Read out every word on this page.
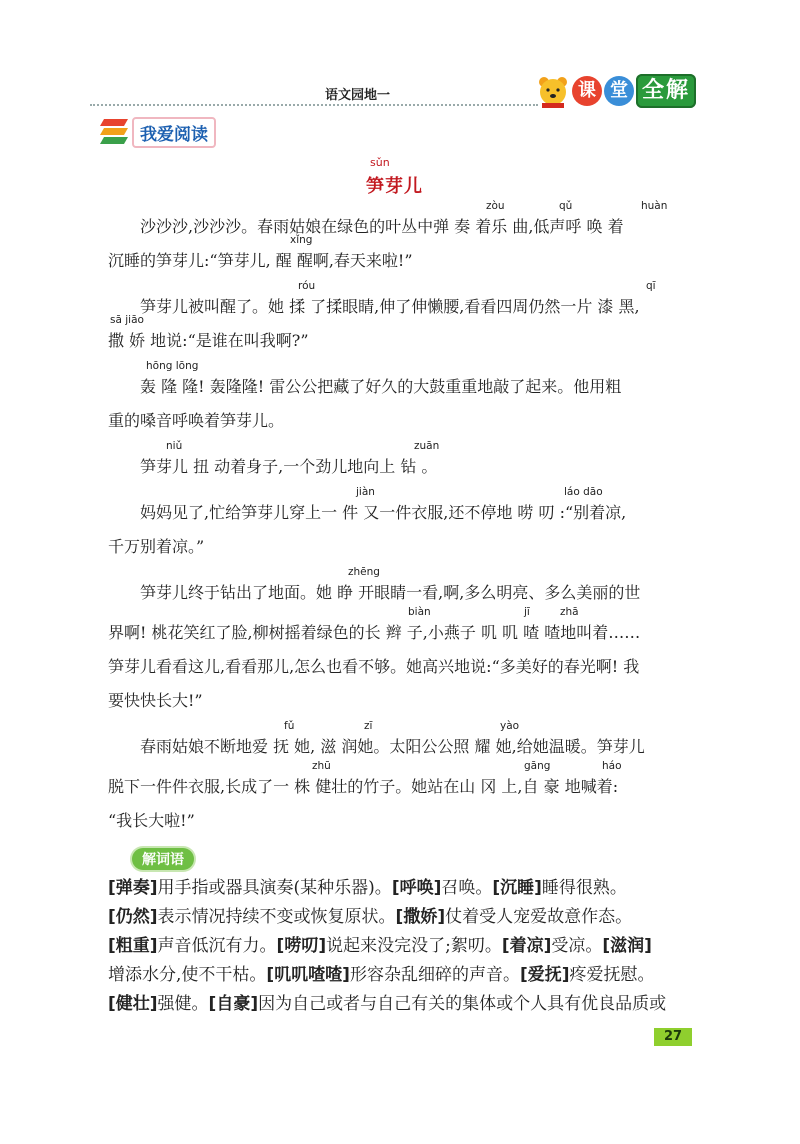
语文园地一	课 堂 全解
我爱阅读
sǔn
笋芽儿
zòu	qǔ	huàn
沙沙沙,沙沙沙。春雨姑娘在绿色的叶丛中弹 奏 着乐 曲,低声呼 唤 着
xǐng
沉睡的笋芽儿:“笋芽儿, 醒 醒啊,春天来啦!”
róu	qī
笋芽儿被叫醒了。她 揉 了揉眼睛,伸了伸懒腰,看看四周仍然一片 漆 黑,
sā jiāo
撒 娇 地说:“是谁在叫我啊?”
hōng lōng
轰 隆 隆! 轰隆隆! 雷公公把藏了好久的大鼓重重地敲了起来。他用粗
重的嗓音呼唤着笋芽儿。
niǔ	zuān
笋芽儿 扭 动着身子,一个劲儿地向上 钻 。
jiàn	láo dāo
妈妈见了,忙给笋芽儿穿上一 件 又一件衣服,还不停地 唠 叨 :“别着凉,
千万别着凉。”
zhēng
笋芽儿终于钻出了地面。她 睁 开眼睛一看,啊,多么明亮、多么美丽的世
biàn	jī	zhā
界啊! 桃花笑红了脸,柳树摇着绿色的长 辫 子,小燕子 叽 叽 喳 喳地叫着……
笋芽儿看看这儿,看看那儿,怎么也看不够。她高兴地说:“多美好的春光啊! 我
要快快长大!”
fǔ	zī	yào
春雨姑娘不断地爱 抚 她, 滋 润她。太阳公公照 耀 她,给她温暖。笋芽儿
zhū	gāng	háo
脱下一件件衣服,长成了一 株 健壮的竹子。她站在山 冈 上,自 豪 地喊着:
“我长大啦!”
解词语
[弹奏]用手指或器具演奏(某种乐器)。[呼唤]召唤。[沉睡]睡得很熟。
[仍然]表示情况持续不变或恢复原状。[撒娇]仗着受人宠爱故意作态。
[粗重]声音低沉有力。[唠叨]说起来没完没了;絮叨。[着凉]受凉。[滋润]
增添水分,使不干枯。[叽叽喳喳]形容杂乱细碎的声音。[爱抚]疼爱抚慰。
[健壮]强健。[自豪]因为自己或者与自己有关的集体或个人具有优良品质或
27
